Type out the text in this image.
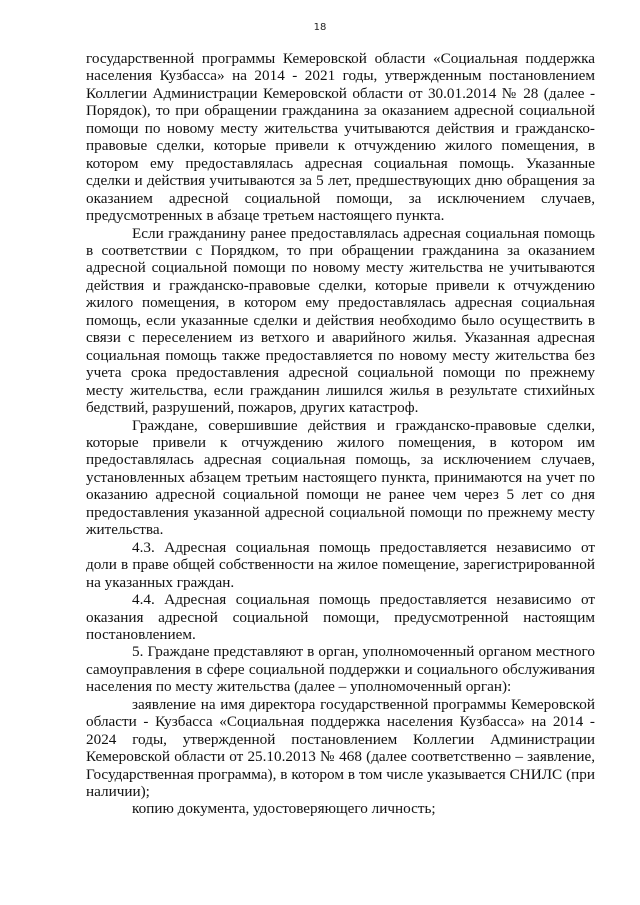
18

государственной программы Кемеровской области «Социальная поддержка населения Кузбасса» на 2014 - 2021 годы, утвержденным постановлением Коллегии Администрации Кемеровской области от 30.01.2014 № 28 (далее - Порядок), то при обращении гражданина за оказанием адресной социальной помощи по новому месту жительства учитываются действия и гражданско-правовые сделки, которые привели к отчуждению жилого помещения, в котором ему предоставлялась адресная социальная помощь. Указанные сделки и действия учитываются за 5 лет, предшествующих дню обращения за оказанием адресной социальной помощи, за исключением случаев, предусмотренных в абзаце третьем настоящего пункта.

Если гражданину ранее предоставлялась адресная социальная помощь в соответствии с Порядком, то при обращении гражданина за оказанием адресной социальной помощи по новому месту жительства не учитываются действия и гражданско-правовые сделки, которые привели к отчуждению жилого помещения, в котором ему предоставлялась адресная социальная помощь, если указанные сделки и действия необходимо было осуществить в связи с переселением из ветхого и аварийного жилья. Указанная адресная социальная помощь также предоставляется по новому месту жительства без учета срока предоставления адресной социальной помощи по прежнему месту жительства, если гражданин лишился жилья в результате стихийных бедствий, разрушений, пожаров, других катастроф.

Граждане, совершившие действия и гражданско-правовые сделки, которые привели к отчуждению жилого помещения, в котором им предоставлялась адресная социальная помощь, за исключением случаев, установленных абзацем третьим настоящего пункта, принимаются на учет по оказанию адресной социальной помощи не ранее чем через 5 лет со дня предоставления указанной адресной социальной помощи по прежнему месту жительства.

4.3. Адресная социальная помощь предоставляется независимо от доли в праве общей собственности на жилое помещение, зарегистрированной на указанных граждан.

4.4. Адресная социальная помощь предоставляется независимо от оказания адресной социальной помощи, предусмотренной настоящим постановлением.

5. Граждане представляют в орган, уполномоченный органом местного самоуправления в сфере социальной поддержки и социального обслуживания населения по месту жительства (далее – уполномоченный орган):

заявление на имя директора государственной программы Кемеровской области - Кузбасса «Социальная поддержка населения Кузбасса» на 2014 - 2024 годы, утвержденной постановлением Коллегии Администрации Кемеровской области от 25.10.2013 № 468 (далее соответственно – заявление, Государственная программа), в котором в том числе указывается СНИЛС (при наличии);

копию документа, удостоверяющего личность;
